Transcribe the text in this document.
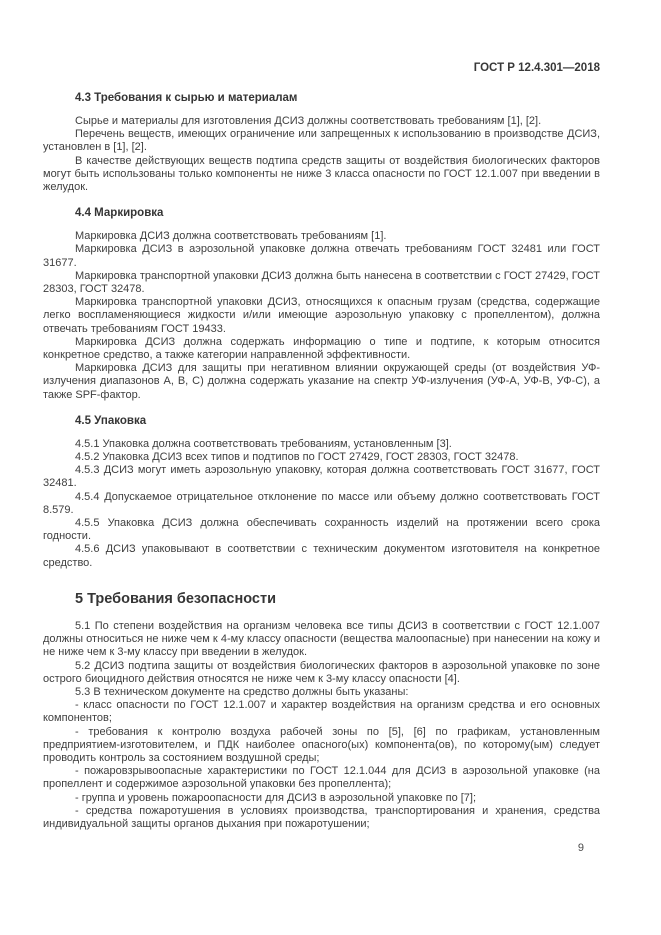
ГОСТ Р 12.4.301—2018

4.3 Требования к сырью и материалам

Сырье и материалы для изготовления ДСИЗ должны соответствовать требованиям [1], [2].

Перечень веществ, имеющих ограничение или запрещенных к использованию в производстве ДСИЗ, установлен в [1], [2].

В качестве действующих веществ подтипа средств защиты от воздействия биологических факторов могут быть использованы только компоненты не ниже 3 класса опасности по ГОСТ 12.1.007 при введении в желудок.

4.4 Маркировка

Маркировка ДСИЗ должна соответствовать требованиям [1].

Маркировка ДСИЗ в аэрозольной упаковке должна отвечать требованиям ГОСТ 32481 или ГОСТ 31677.

Маркировка транспортной упаковки ДСИЗ должна быть нанесена в соответствии с ГОСТ 27429, ГОСТ 28303, ГОСТ 32478.

Маркировка транспортной упаковки ДСИЗ, относящихся к опасным грузам (средства, содержащие легко воспламеняющиеся жидкости и/или имеющие аэрозольную упаковку с пропеллентом), должна отвечать требованиям ГОСТ 19433.

Маркировка ДСИЗ должна содержать информацию о типе и подтипе, к которым относится конкретное средство, а также категории направленной эффективности.

Маркировка ДСИЗ для защиты при негативном влиянии окружающей среды (от воздействия УФ-излучения диапазонов А, В, С) должна содержать указание на спектр УФ-излучения (УФ-А, УФ-В, УФ-С), а также SPF-фактор.

4.5 Упаковка

4.5.1 Упаковка должна соответствовать требованиям, установленным [3].

4.5.2 Упаковка ДСИЗ всех типов и подтипов по ГОСТ 27429, ГОСТ 28303, ГОСТ 32478.

4.5.3 ДСИЗ могут иметь аэрозольную упаковку, которая должна соответствовать ГОСТ 31677, ГОСТ 32481.

4.5.4 Допускаемое отрицательное отклонение по массе или объему должно соответствовать ГОСТ 8.579.

4.5.5 Упаковка ДСИЗ должна обеспечивать сохранность изделий на протяжении всего срока годности.

4.5.6 ДСИЗ упаковывают в соответствии с техническим документом изготовителя на конкретное средство.

5 Требования безопасности

5.1 По степени воздействия на организм человека все типы ДСИЗ в соответствии с ГОСТ 12.1.007 должны относиться не ниже чем к 4-му классу опасности (вещества малоопасные) при нанесении на кожу и не ниже чем к 3-му классу при введении в желудок.

5.2 ДСИЗ подтипа защиты от воздействия биологических факторов в аэрозольной упаковке по зоне острого биоцидного действия относятся не ниже чем к 3-му классу опасности [4].

5.3 В техническом документе на средство должны быть указаны:

- класс опасности по ГОСТ 12.1.007 и характер воздействия на организм средства и его основных компонентов;

- требования к контролю воздуха рабочей зоны по [5], [6] по графикам, установленным предприятием-изготовителем, и ПДК наиболее опасного(ых) компонента(ов), по которому(ым) следует проводить контроль за состоянием воздушной среды;

- пожаровзрывоопасные характеристики по ГОСТ 12.1.044 для ДСИЗ в аэрозольной упаковке (на пропеллент и содержимое аэрозольной упаковки без пропеллента);

- группа и уровень пожароопасности для ДСИЗ в аэрозольной упаковке по [7];

- средства пожаротушения в условиях производства, транспортирования и хранения, средства индивидуальной защиты органов дыхания при пожаротушении;

9
